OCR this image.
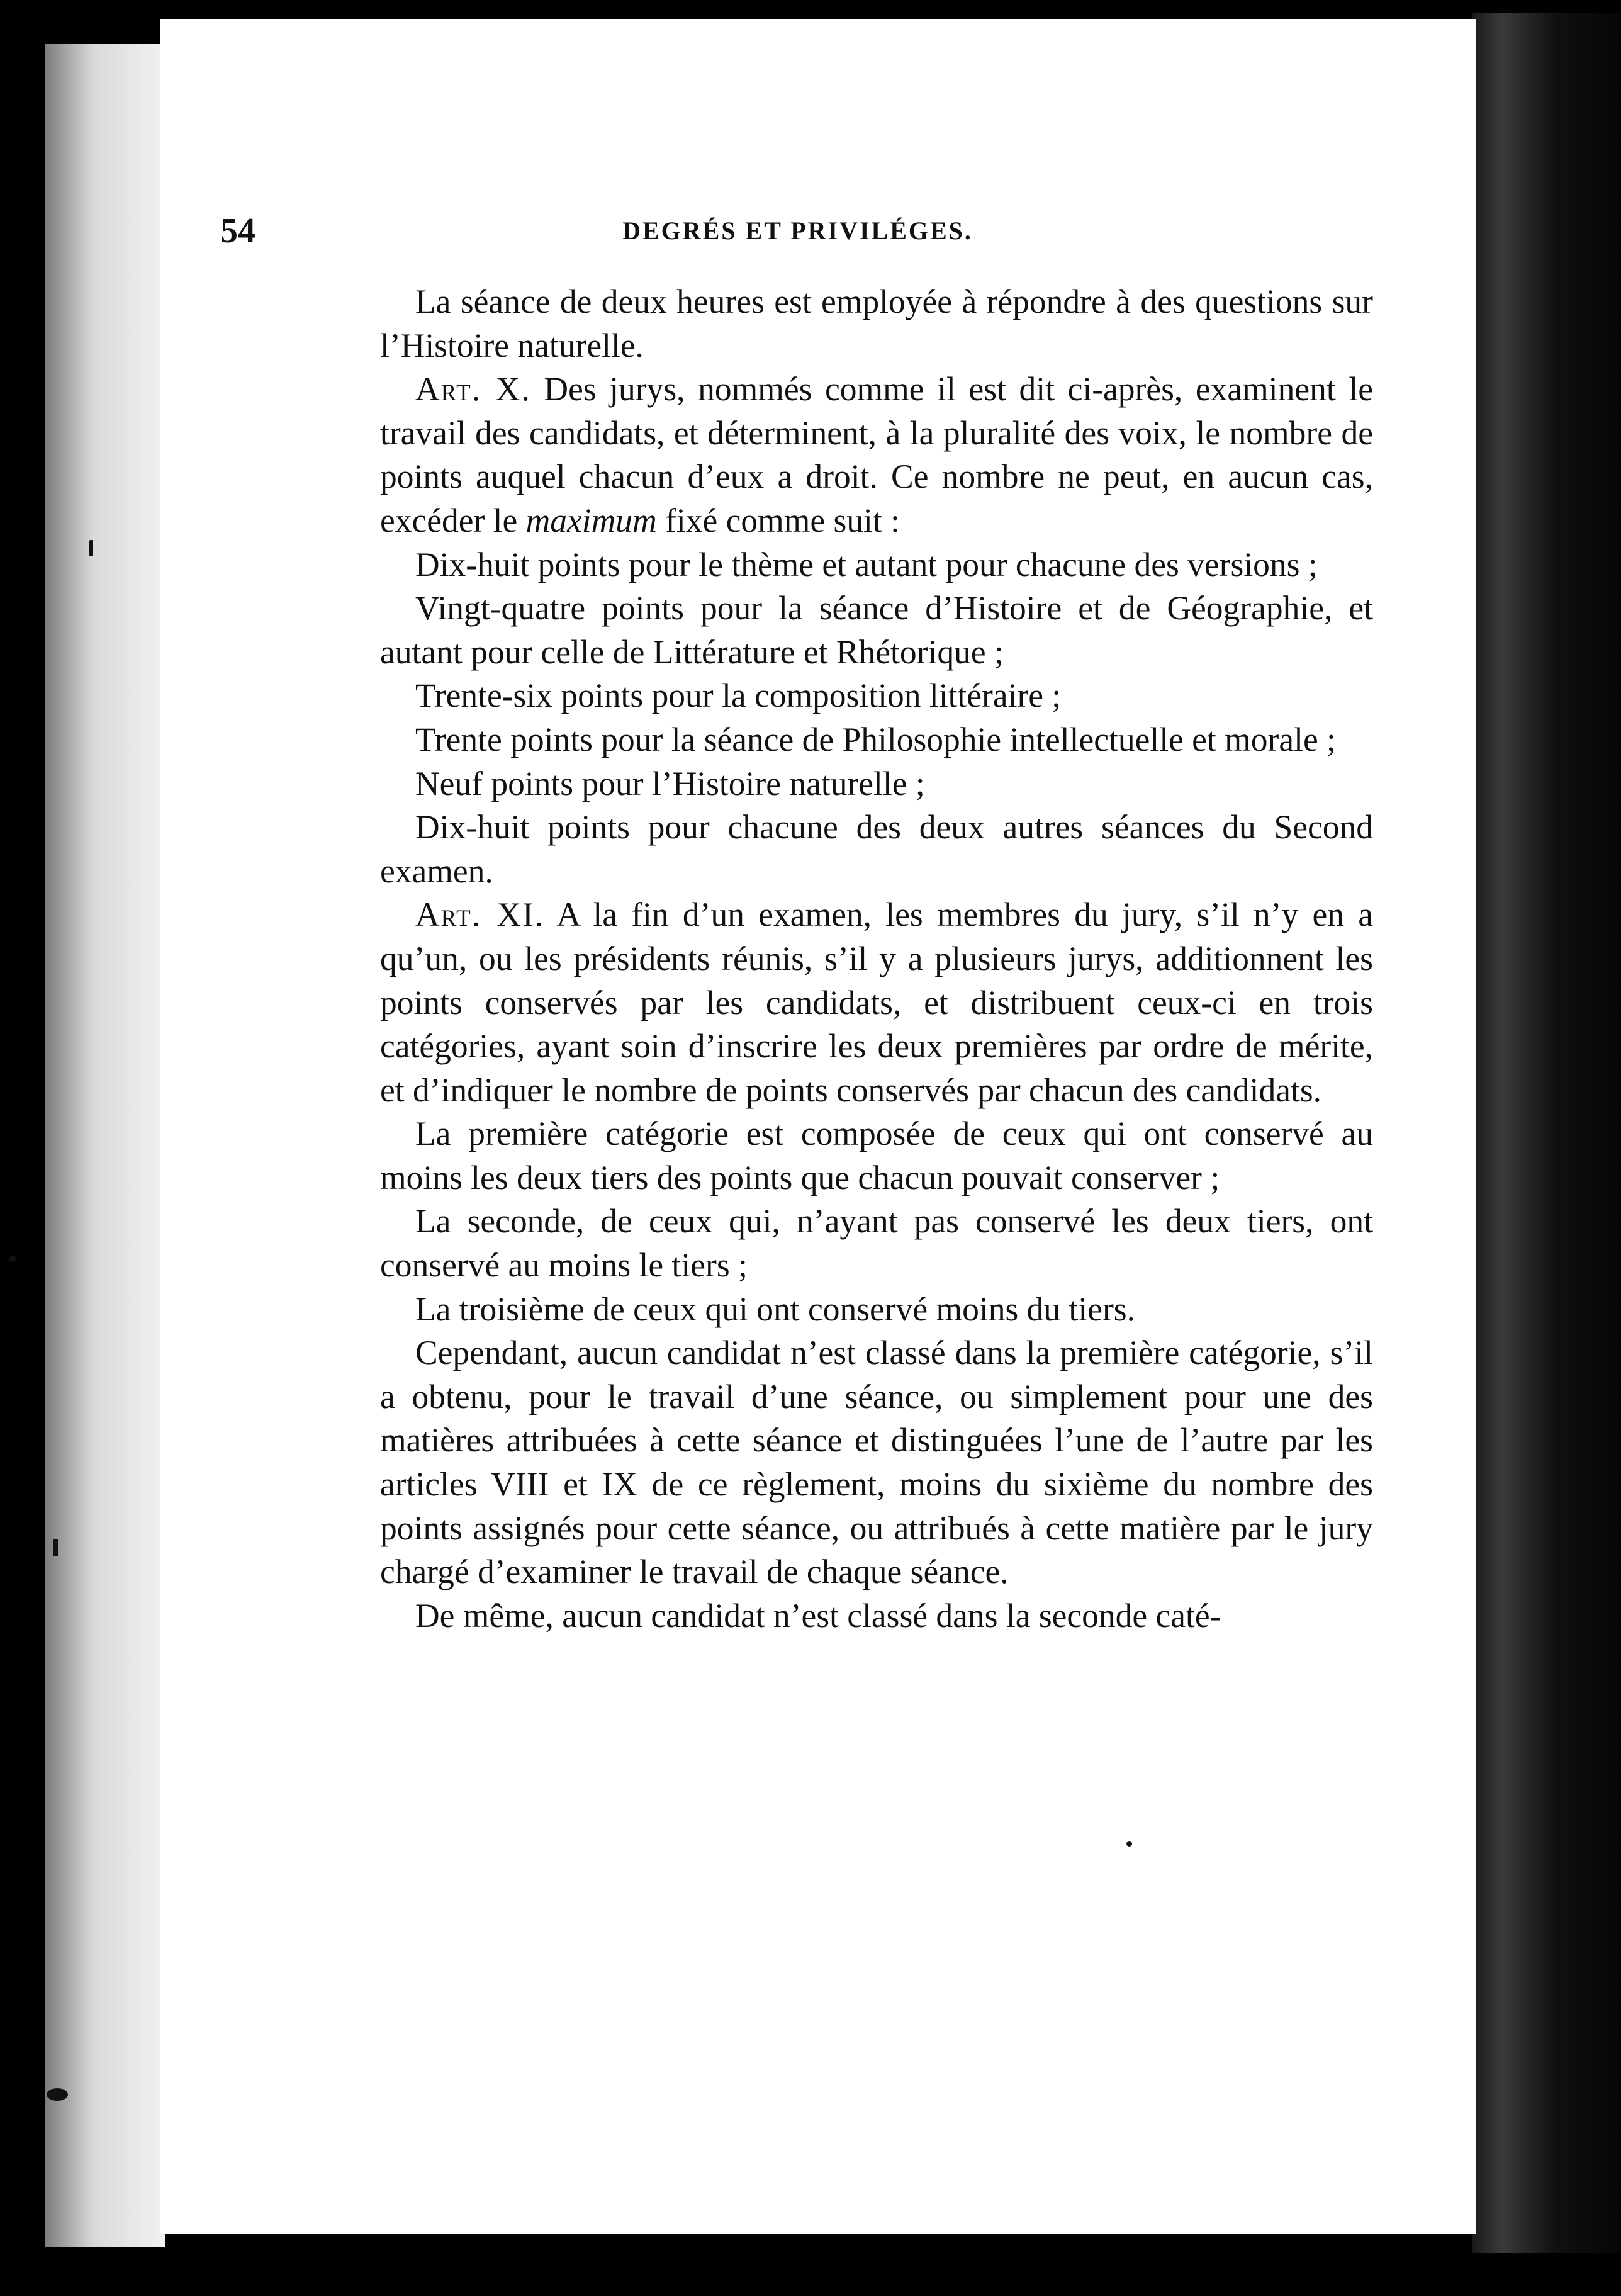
54	DEGRÉS ET PRIVILÉGES.

La séance de deux heures est employée à répondre à des questions sur l’Histoire naturelle.

Art. X. Des jurys, nommés comme il est dit ci-après, examinent le travail des candidats, et déterminent, à la pluralité des voix, le nombre de points auquel chacun d’eux a droit. Ce nombre ne peut, en aucun cas, excéder le maximum fixé comme suit :

Dix-huit points pour le thème et autant pour chacune des versions ;

Vingt-quatre points pour la séance d’Histoire et de Géographie, et autant pour celle de Littérature et Rhétorique ;

Trente-six points pour la composition littéraire ;

Trente points pour la séance de Philosophie intellectuelle et morale ;

Neuf points pour l’Histoire naturelle ;

Dix-huit points pour chacune des deux autres séances du Second examen.

Art. XI. A la fin d’un examen, les membres du jury, s’il n’y en a qu’un, ou les présidents réunis, s’il y a plusieurs jurys, additionnent les points conservés par les candidats, et distribuent ceux-ci en trois catégories, ayant soin d’inscrire les deux premières par ordre de mérite, et d’indiquer le nombre de points conservés par chacun des candidats.

La première catégorie est composée de ceux qui ont conservé au moins les deux tiers des points que chacun pouvait conserver ;

La seconde, de ceux qui, n’ayant pas conservé les deux tiers, ont conservé au moins le tiers ;

La troisième de ceux qui ont conservé moins du tiers.

Cependant, aucun candidat n’est classé dans la première catégorie, s’il a obtenu, pour le travail d’une séance, ou simplement pour une des matières attribuées à cette séance et distinguées l’une de l’autre par les articles VIII et IX de ce règlement, moins du sixième du nombre des points assignés pour cette séance, ou attribués à cette matière par le jury chargé d’examiner le travail de chaque séance.

De même, aucun candidat n’est classé dans la seconde caté-
